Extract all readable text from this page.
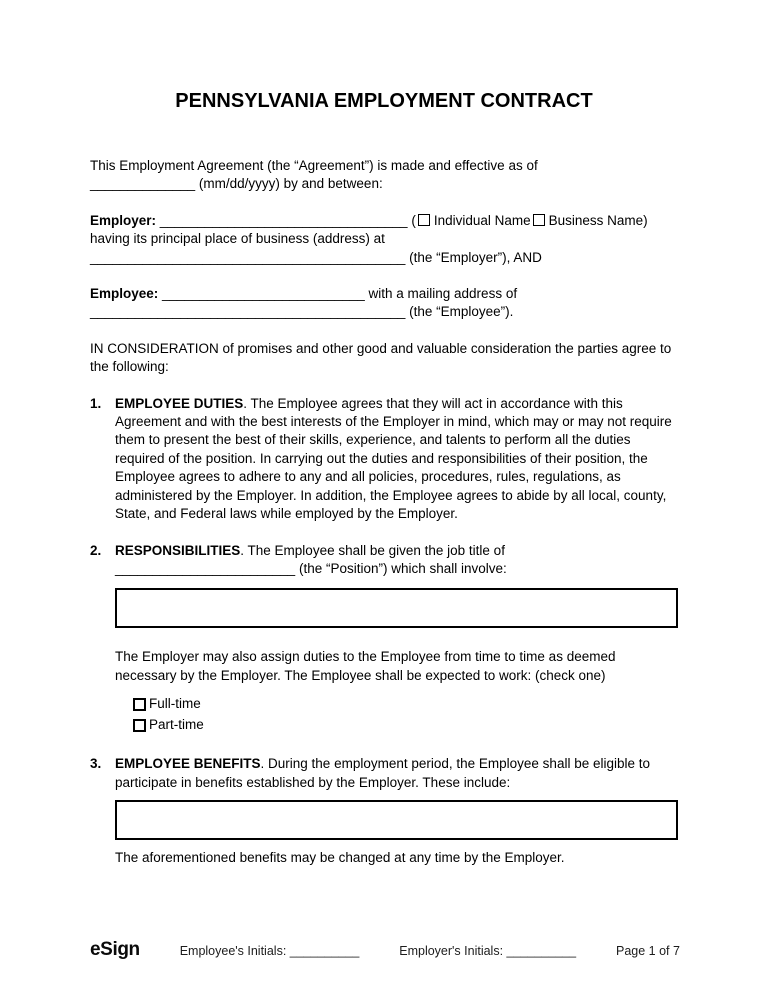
PENNSYLVANIA EMPLOYMENT CONTRACT

This Employment Agreement (the “Agreement”) is made and effective as of
______________ (mm/dd/yyyy) by and between:

Employer: _________________________________ ( Individual Name Business Name)
having its principal place of business (address) at
__________________________________________ (the “Employer”), AND

Employee: ___________________________ with a mailing address of
__________________________________________ (the “Employee”).

IN CONSIDERATION of promises and other good and valuable consideration the parties agree to the following:

1.	EMPLOYEE DUTIES. The Employee agrees that they will act in accordance with this Agreement and with the best interests of the Employer in mind, which may or may not require them to present the best of their skills, experience, and talents to perform all the duties required of the position. In carrying out the duties and responsibilities of their position, the Employee agrees to adhere to any and all policies, procedures, rules, regulations, as administered by the Employer. In addition, the Employee agrees to abide by all local, county, State, and Federal laws while employed by the Employer.
2.	RESPONSIBILITIES. The Employee shall be given the job title of
________________________ (the “Position”) which shall involve:

The Employer may also assign duties to the Employee from time to time as deemed necessary by the Employer. The Employee shall be expected to work: (check one)

Full-time
Part-time
3.	EMPLOYEE BENEFITS. During the employment period, the Employee shall be eligible to participate in benefits established by the Employer. These include:

The aforementioned benefits may be changed at any time by the Employer.

eSign	Employee's Initials: __________	Employer's Initials: __________	Page 1 of 7
